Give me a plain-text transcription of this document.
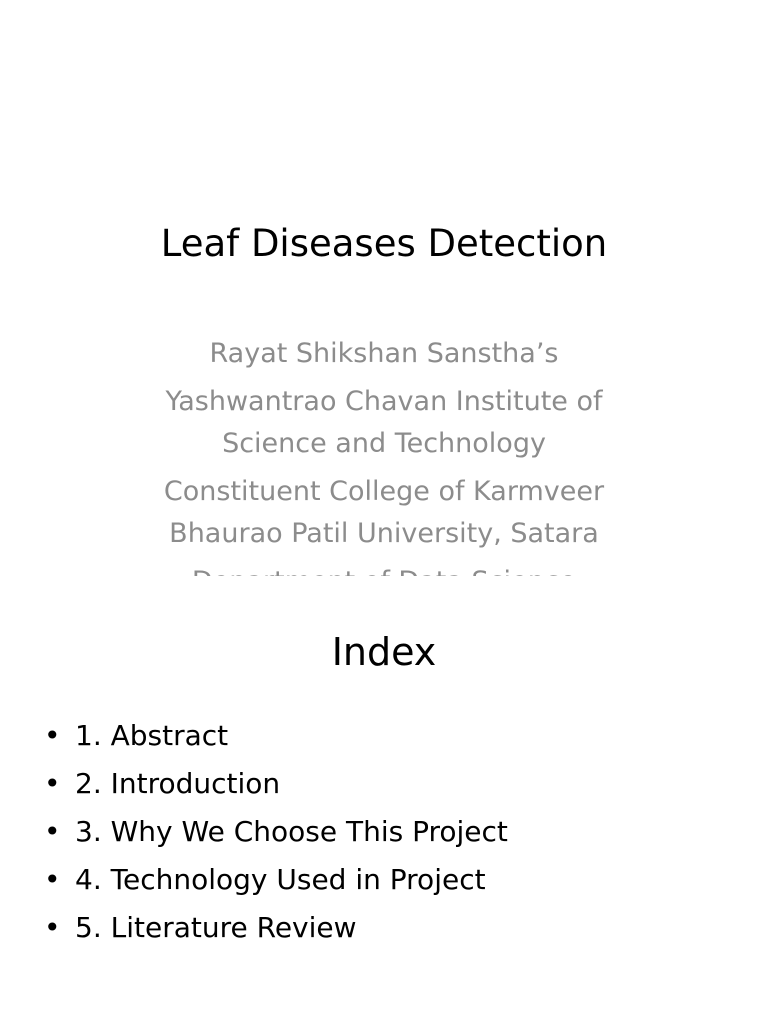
Leaf Diseases Detection

Rayat Shikshan Sanstha’s

Yashwantrao Chavan Institute of Science and Technology

Constituent College of Karmveer Bhaurao Patil University, Satara

Index
• 1. Abstract
• 2. Introduction
• 3. Why We Choose This Project
• 4. Technology Used in Project
• 5. Literature Review
